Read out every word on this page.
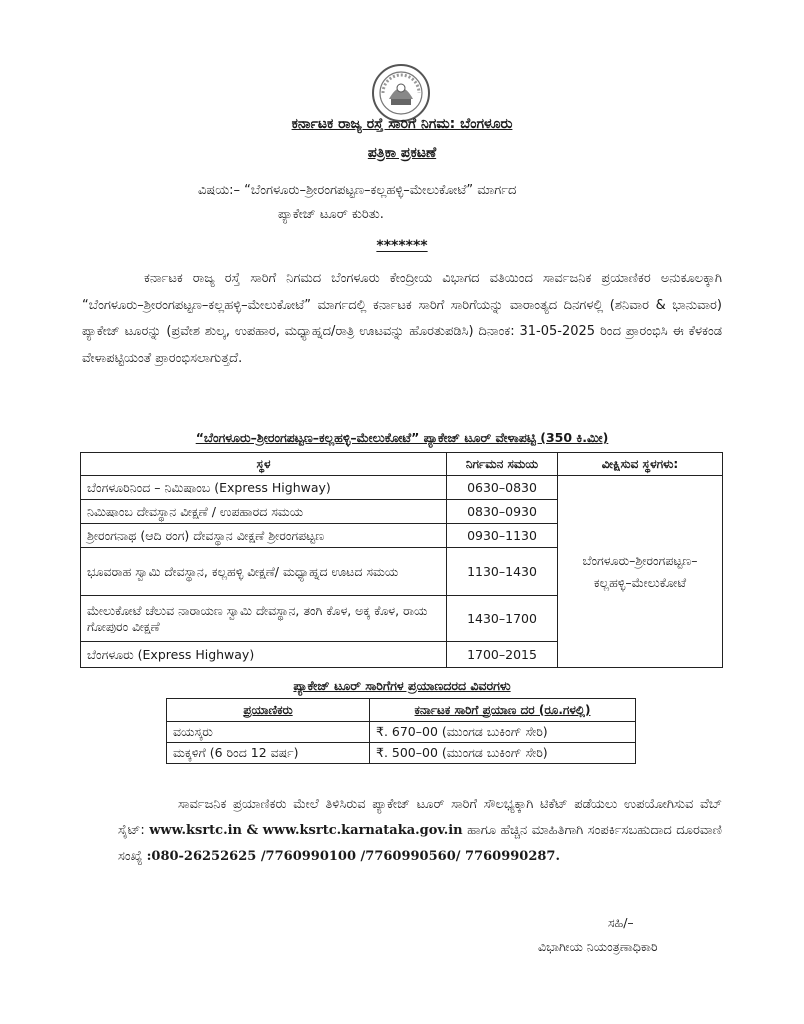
ಕರ್ನಾಟಕ ರಾಜ್ಯ ರಸ್ತೆ ಸಾರಿಗೆ ನಿಗಮ: ಬೆಂಗಳೂರು
ಪತ್ರಿಕಾ ಪ್ರಕಟಣೆ
ವಿಷಯ:– “ಬೆಂಗಳೂರು–ಶ್ರೀರಂಗಪಟ್ಟಣ–ಕಲ್ಲಹಳ್ಳಿ–ಮೇಲುಕೋಟೆ” ಮಾರ್ಗದ
ಪ್ಯಾಕೇಜ್ ಟೂರ್ ಕುರಿತು.
*******
ಕರ್ನಾಟಕ ರಾಜ್ಯ ರಸ್ತೆ ಸಾರಿಗೆ ನಿಗಮದ ಬೆಂಗಳೂರು ಕೇಂದ್ರೀಯ ವಿಭಾಗದ ವತಿಯಿಂದ ಸಾರ್ವಜನಿಕ ಪ್ರಯಾಣಿಕರ ಅನುಕೂಲಕ್ಕಾಗಿ “ಬೆಂಗಳೂರು–ಶ್ರೀರಂಗಪಟ್ಟಣ–ಕಲ್ಲಹಳ್ಳಿ–ಮೇಲುಕೋಟೆ” ಮಾರ್ಗದಲ್ಲಿ ಕರ್ನಾಟಕ ಸಾರಿಗೆ ಸಾರಿಗೆಯನ್ನು ವಾರಾಂತ್ಯದ ದಿನಗಳಲ್ಲಿ (ಶನಿವಾರ & ಭಾನುವಾರ) ಪ್ಯಾಕೇಜ್ ಟೂರನ್ನು (ಪ್ರವೇಶ ಶುಲ್ಕ, ಉಪಹಾರ, ಮಧ್ಯಾಹ್ನದ/ರಾತ್ರಿ ಊಟವನ್ನು ಹೊರತುಪಡಿಸಿ) ದಿನಾಂಕ: 31-05-2025 ರಿಂದ ಪ್ರಾರಂಭಿಸಿ ಈ ಕೆಳಕಂಡ ವೇಳಾಪಟ್ಟಿಯಂತೆ ಪ್ರಾರಂಭಿಸಲಾಗುತ್ತದೆ.
“ಬೆಂಗಳೂರು–ಶ್ರೀರಂಗಪಟ್ಟಣ–ಕಲ್ಲಹಳ್ಳಿ–ಮೇಲುಕೋಟೆ” ಪ್ಯಾಕೇಜ್ ಟೂರ್ ವೇಳಾಪಟ್ಟಿ (350 ಕಿ.ಮೀ)
ಸ್ಥಳ	ನಿರ್ಗಮನ ಸಮಯ	ವೀಕ್ಷಿಸುವ ಸ್ಥಳಗಳು:
ಬೆಂಗಳೂರಿನಿಂದ – ನಿಮಿಷಾಂಬ (Express Highway)	0630–0830	ಬೆಂಗಳೂರು–ಶ್ರೀರಂಗಪಟ್ಟಣ– ಕಲ್ಲಹಳ್ಳಿ–ಮೇಲುಕೋಟೆ
ನಿಮಿಷಾಂಬ ದೇವಸ್ಥಾನ ವೀಕ್ಷಣೆ / ಉಪಹಾರದ ಸಮಯ	0830–0930	
ಶ್ರೀರಂಗನಾಥ (ಆದಿ ರಂಗ) ದೇವಸ್ಥಾನ ವೀಕ್ಷಣೆ ಶ್ರೀರಂಗಪಟ್ಟಣ	0930–1130	
ಭೂವರಾಹ ಸ್ವಾಮಿ ದೇವಸ್ಥಾನ, ಕಲ್ಲಹಳ್ಳಿ ವೀಕ್ಷಣೆ/ ಮಧ್ಯಾಹ್ನದ ಊಟದ ಸಮಯ	1130–1430	
ಮೇಲುಕೋಟೆ ಚೆಲುವ ನಾರಾಯಣ ಸ್ವಾಮಿ ದೇವಸ್ಥಾನ, ತಂಗಿ ಕೊಳ, ಅಕ್ಕ ಕೊಳ, ರಾಯ ಗೋಪುರಂ ವೀಕ್ಷಣೆ	1430–1700	
ಬೆಂಗಳೂರು (Express Highway)	1700–2015	
ಪ್ಯಾಕೇಜ್ ಟೂರ್ ಸಾರಿಗೆಗಳ ಪ್ರಯಾಣದರದ ವಿವರಗಳು
ಪ್ರಯಾಣಿಕರು	ಕರ್ನಾಟಕ ಸಾರಿಗೆ ಪ್ರಯಾಣ ದರ (ರೂ.ಗಳಲ್ಲಿ)
ವಯಸ್ಕರು	₹. 670–00 (ಮುಂಗಡ ಬುಕಿಂಗ್ ಸೇರಿ)
ಮಕ್ಕಳಿಗೆ (6 ರಿಂದ 12 ವರ್ಷ)	₹. 500–00 (ಮುಂಗಡ ಬುಕಿಂಗ್ ಸೇರಿ)
ಸಾರ್ವಜನಿಕ ಪ್ರಯಾಣಿಕರು ಮೇಲೆ ತಿಳಿಸಿರುವ ಪ್ಯಾಕೇಜ್ ಟೂರ್ ಸಾರಿಗೆ ಸೌಲಭ್ಯಕ್ಕಾಗಿ ಟಿಕೆಟ್ ಪಡೆಯಲು ಉಪಯೋಗಿಸುವ ವೆಬ್ ಸೈಟ್: www.ksrtc.in & www.ksrtc.karnataka.gov.in ಹಾಗೂ ಹೆಚ್ಚಿನ ಮಾಹಿತಿಗಾಗಿ ಸಂಪರ್ಕಿಸಬಹುದಾದ ದೂರವಾಣಿ ಸಂಖ್ಯೆ :080-26252625 /7760990100 /7760990560/ 7760990287.
ಸಹಿ/–
ವಿಭಾಗೀಯ ನಿಯಂತ್ರಣಾಧಿಕಾರಿ
